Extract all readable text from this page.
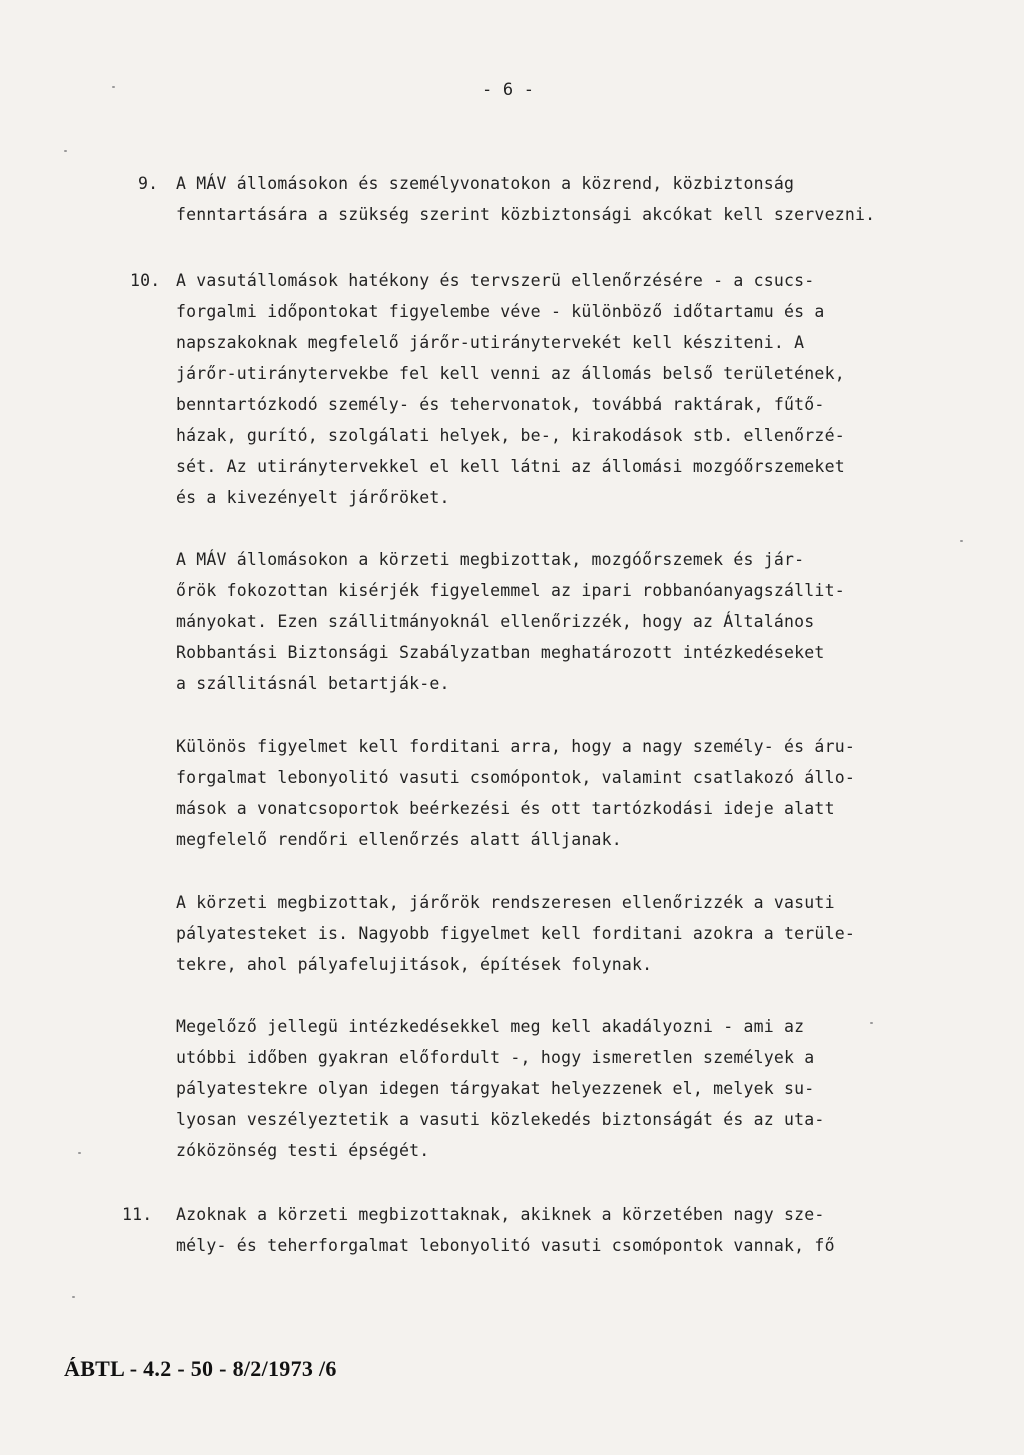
- 6 -
9. A MÁV állomásokon és személyvonatokon a közrend, közbiztonság
fenntartására a szükség szerint közbiztonsági akcókat kell szervezni.
10. A vasutállomások hatékony és tervszerü ellenőrzésére - a csucs-
forgalmi időpontokat figyelembe véve - különböző időtartamu és a
napszakoknak megfelelő járőr-utiránytervekét kell késziteni. A
járőr-utiránytervekbe fel kell venni az állomás belső területének,
benntartózkodó személy- és tehervonatok, továbbá raktárak, fűtő-
házak, gurító, szolgálati helyek, be-, kirakodások stb. ellenőrzé-
sét. Az utiránytervekkel el kell látni az állomási mozgóőrszemeket
és a kivezényelt járőröket.
A MÁV állomásokon a körzeti megbizottak, mozgóőrszemek és jár-
őrök fokozottan kisérjék figyelemmel az ipari robbanóanyagszállit-
mányokat. Ezen szállitmányoknál ellenőrizzék, hogy az Általános
Robbantási Biztonsági Szabályzatban meghatározott intézkedéseket
a szállitásnál betartják-e.
Különös figyelmet kell forditani arra, hogy a nagy személy- és áru-
forgalmat lebonyolitó vasuti csomópontok, valamint csatlakozó állo-
mások a vonatcsoportok beérkezési és ott tartózkodási ideje alatt
megfelelő rendőri ellenőrzés alatt álljanak.
A körzeti megbizottak, járőrök rendszeresen ellenőrizzék a vasuti
pályatesteket is. Nagyobb figyelmet kell forditani azokra a terüle-
tekre, ahol pályafelujitások, építések folynak.
Megelőző jellegü intézkedésekkel meg kell akadályozni - ami az
utóbbi időben gyakran előfordult -, hogy ismeretlen személyek a
pályatestekre olyan idegen tárgyakat helyezzenek el, melyek su-
lyosan veszélyeztetik a vasuti közlekedés biztonságát és az uta-
zóközönség testi épségét.
11. Azoknak a körzeti megbizottaknak, akiknek a körzetében nagy sze-
mély- és teherforgalmat lebonyolitó vasuti csomópontok vannak, fő
ÁBTL - 4.2 - 50 - 8/2/1973 /6
